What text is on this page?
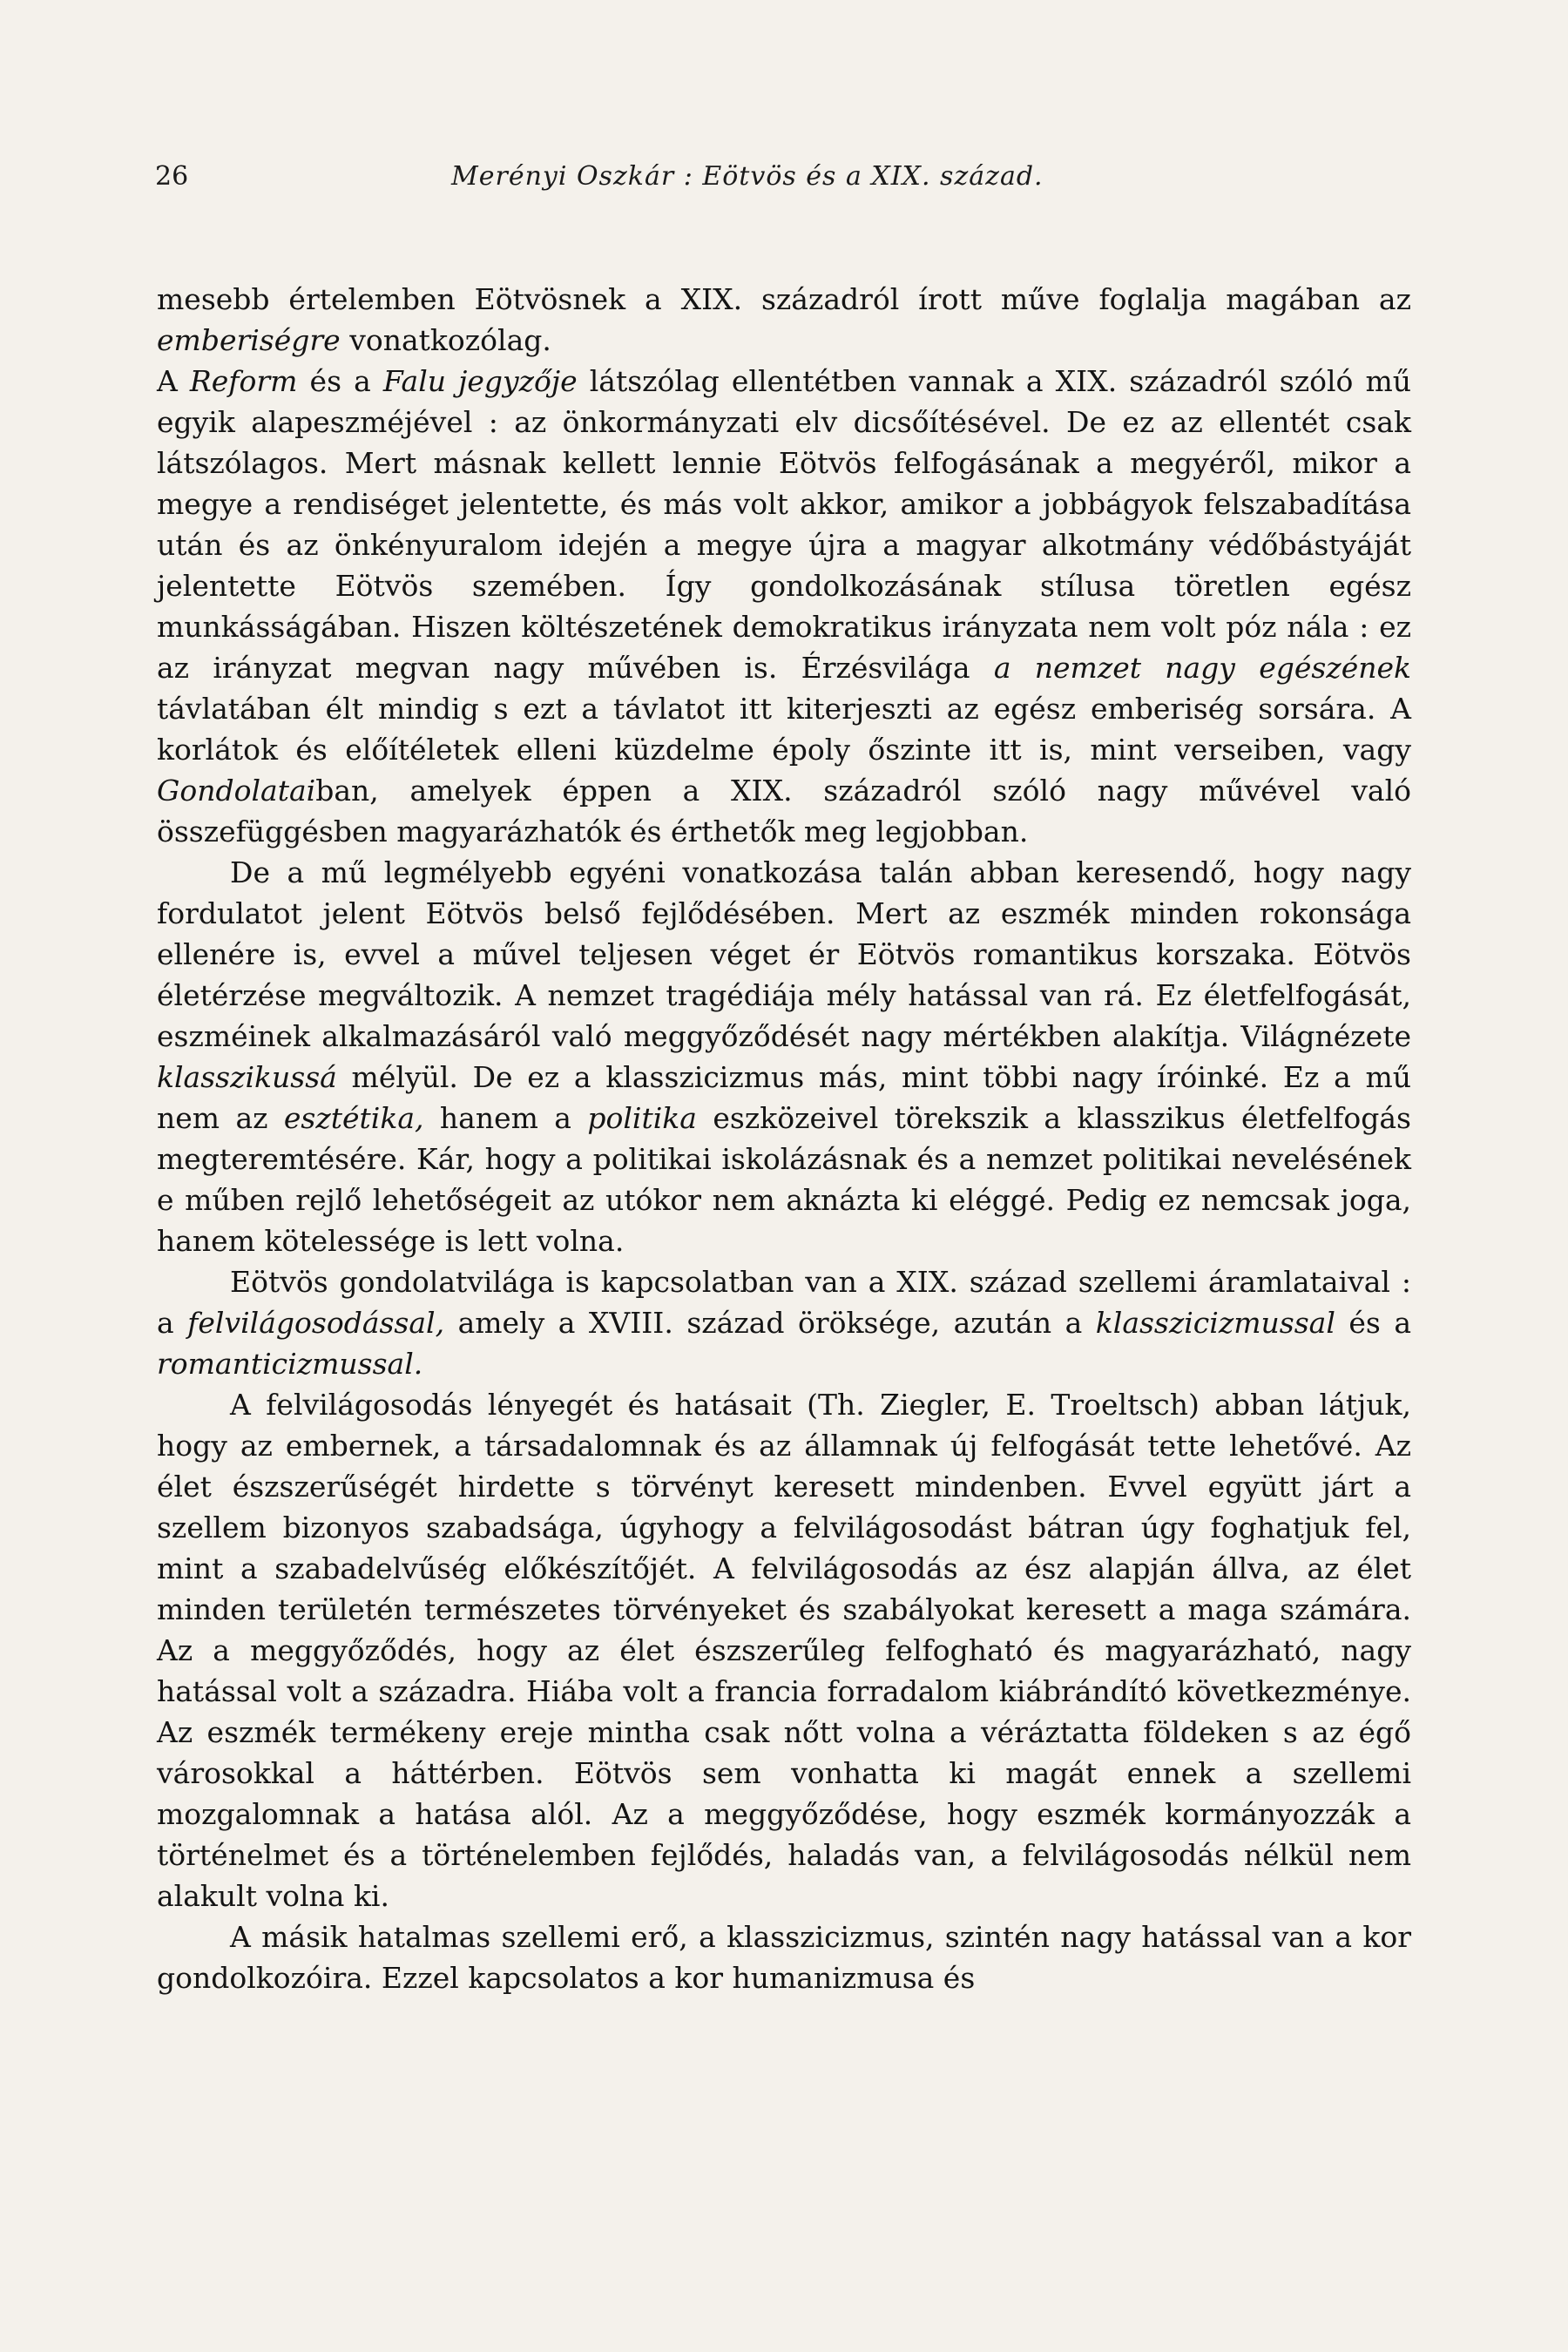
26	Merényi Oszkár : Eötvös és a XIX. század.

mesebb értelemben Eötvösnek a XIX. századról írott műve foglalja magában az emberiségre vonatkozólag.

A Reform és a Falu jegyzője látszólag ellentétben vannak a XIX. századról szóló mű egyik alapeszméjével : az önkormányzati elv dicsőítésével. De ez az ellentét csak látszólagos. Mert másnak kellett lennie Eötvös felfogásának a megyéről, mikor a megye a rendiséget jelentette, és más volt akkor, amikor a jobbágyok felszabadítása után és az önkényuralom idején a megye újra a magyar alkotmány védőbástyáját jelentette Eötvös szemében. Így gondolkozásának stílusa töretlen egész munkásságában. Hiszen költészetének demokratikus irányzata nem volt póz nála : ez az irányzat megvan nagy művében is. Érzésvilága a nemzet nagy egészének távlatában élt mindig s ezt a távlatot itt kiterjeszti az egész emberiség sorsára. A korlátok és előítéletek elleni küzdelme époly őszinte itt is, mint verseiben, vagy Gondolataiban, amelyek éppen a XIX. századról szóló nagy művével való összefüggésben magyarázhatók és érthetők meg legjobban.

De a mű legmélyebb egyéni vonatkozása talán abban keresendő, hogy nagy fordulatot jelent Eötvös belső fejlődésében. Mert az eszmék minden rokonsága ellenére is, evvel a művel teljesen véget ér Eötvös romantikus korszaka. Eötvös életérzése megváltozik. A nemzet tragédiája mély hatással van rá. Ez életfelfogását, eszméinek alkalmazásáról való meggyőződését nagy mértékben alakítja. Világnézete klasszikussá mélyül. De ez a klasszicizmus más, mint többi nagy íróinké. Ez a mű nem az esztétika, hanem a politika eszközeivel törekszik a klasszikus életfelfogás megteremtésére. Kár, hogy a politikai iskolázásnak és a nemzet politikai nevelésének e műben rejlő lehetőségeit az utókor nem aknázta ki eléggé. Pedig ez nemcsak joga, hanem kötelessége is lett volna.

Eötvös gondolatvilága is kapcsolatban van a XIX. század szellemi áramlataival : a felvilágosodással, amely a XVIII. század öröksége, azután a klasszicizmussal és a romanticizmussal.

A felvilágosodás lényegét és hatásait (Th. Ziegler, E. Troeltsch) abban látjuk, hogy az embernek, a társadalomnak és az államnak új felfogását tette lehetővé. Az élet észszerűségét hirdette s törvényt keresett mindenben. Evvel együtt járt a szellem bizonyos szabadsága, úgyhogy a felvilágosodást bátran úgy foghatjuk fel, mint a szabadelvűség előkészítőjét. A felvilágosodás az ész alapján állva, az élet minden területén természetes törvényeket és szabályokat keresett a maga számára. Az a meggyőződés, hogy az élet észszerűleg felfogható és magyarázható, nagy hatással volt a századra. Hiába volt a francia forradalom kiábrándító következménye. Az eszmék termékeny ereje mintha csak nőtt volna a véráztatta földeken s az égő városokkal a háttérben. Eötvös sem vonhatta ki magát ennek a szellemi mozgalomnak a hatása alól. Az a meggyőződése, hogy eszmék kormányozzák a történelmet és a történelemben fejlődés, haladás van, a felvilágosodás nélkül nem alakult volna ki.

A másik hatalmas szellemi erő, a klasszicizmus, szintén nagy hatással van a kor gondolkozóira. Ezzel kapcsolatos a kor humanizmusa és
